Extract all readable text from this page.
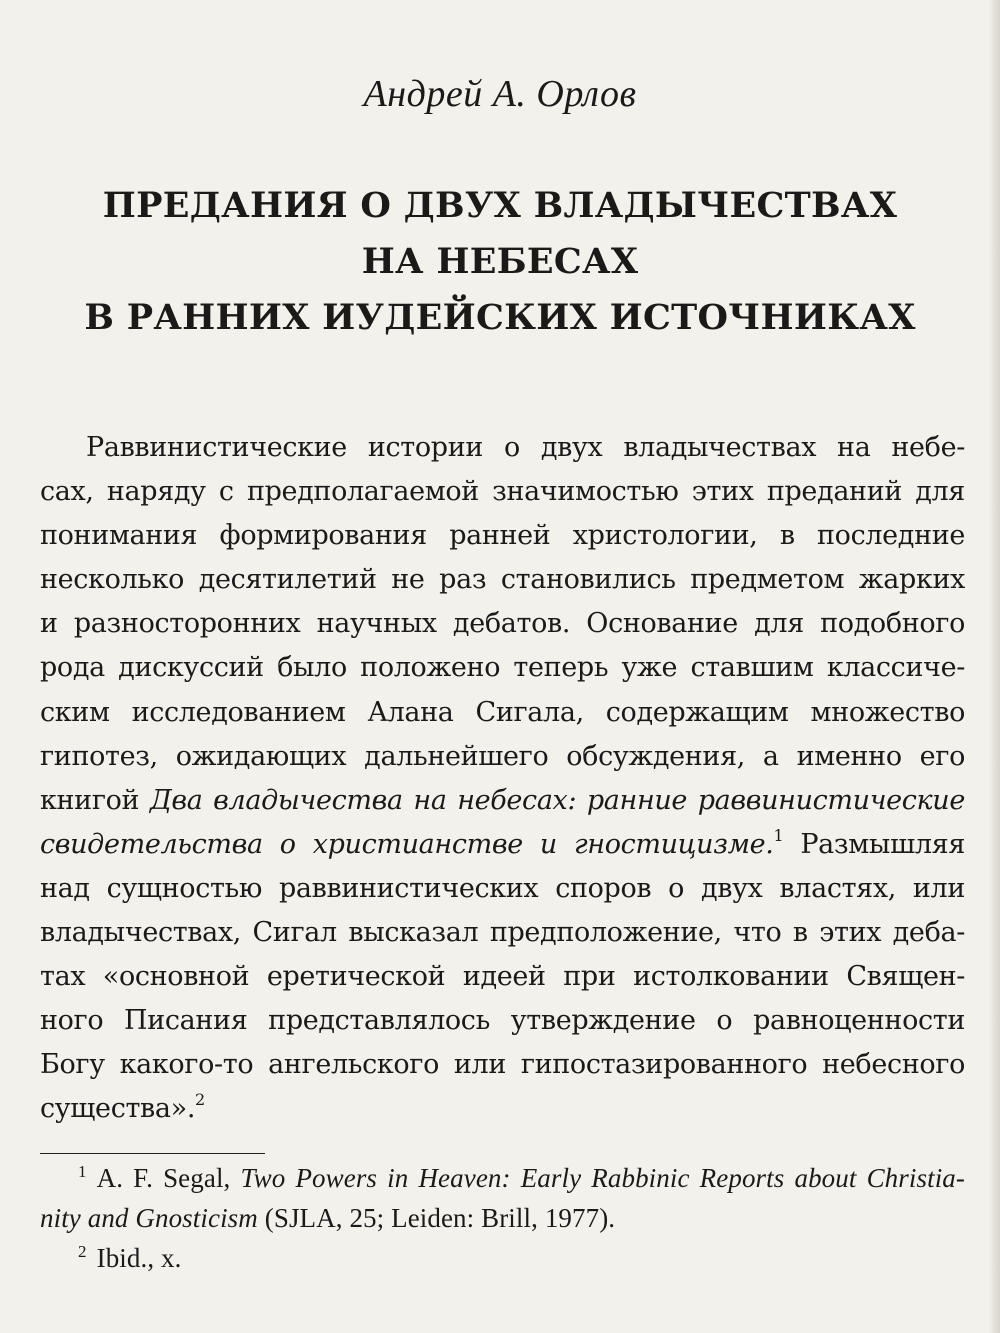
Андрей А. Орлов
ПРЕДАНИЯ О ДВУХ ВЛАДЫЧЕСТВАХ
НА НЕБЕСАХ
В РАННИХ ИУДЕЙСКИХ ИСТОЧНИКАХ
Раввинистические истории о двух владычествах на небе-
сах, наряду с предполагаемой значимостью этих преданий для
понимания формирования ранней христологии, в последние
несколько десятилетий не раз становились предметом жарких
и разносторонних научных дебатов. Основание для подобного
рода дискуссий было положено теперь уже ставшим классиче-
ским исследованием Алана Сигала, содержащим множество
гипотез, ожидающих дальнейшего обсуждения, а именно его
книгой Два владычества на небесах: ранние раввинистические
свидетельства о христианстве и гностицизме.$^1$ Размышляя
над сущностью раввинистических споров о двух властях, или
владычествах, Сигал высказал предположение, что в этих деба-
тах «основной еретической идеей при истолковании Священ-
ного Писания представлялось утверждение о равноценности
Богу какого-то ангельского или гипостазированного небесного
существа».$^2$
$^1$ A. F. Segal, Two Powers in Heaven: Early Rabbinic Reports about Christia-
nity and Gnosticism (SJLA, 25; Leiden: Brill, 1977).
$^2$ Ibid., x.
